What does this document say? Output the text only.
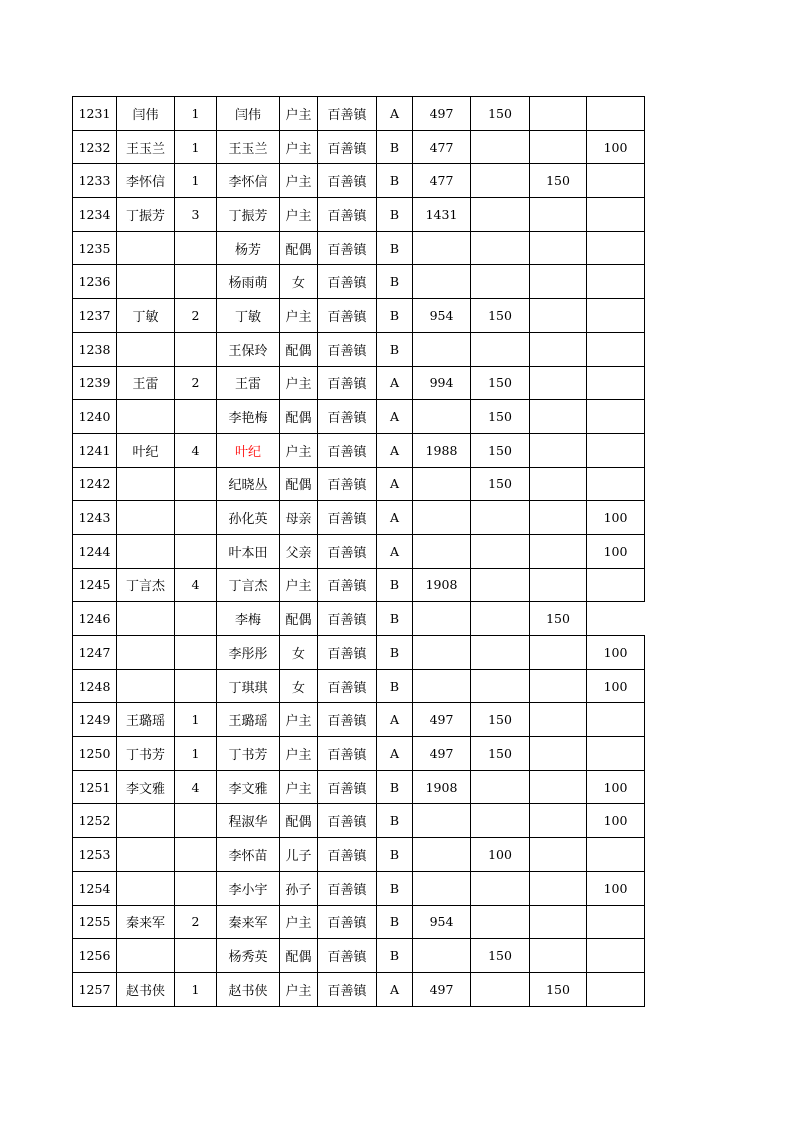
1231	闫伟	1	闫伟	户主	百善镇	A	497	150		
1232	王玉兰	1	王玉兰	户主	百善镇	B	477			100
1233	李怀信	1	李怀信	户主	百善镇	B	477		150	
1234	丁振芳	3	丁振芳	户主	百善镇	B	1431			
1235			杨芳	配偶	百善镇	B				
1236			杨雨萌	女	百善镇	B				
1237	丁敏	2	丁敏	户主	百善镇	B	954	150		
1238			王保玲	配偶	百善镇	B				
1239	王雷	2	王雷	户主	百善镇	A	994	150		
1240			李艳梅	配偶	百善镇	A		150		
1241	叶纪	4	叶纪	户主	百善镇	A	1988	150		
1242			纪晓丛	配偶	百善镇	A		150		
1243			孙化英	母亲	百善镇	A				100
1244			叶本田	父亲	百善镇	A				100
1245	丁言杰	4	丁言杰	户主	百善镇	B	1908			
1246			李梅	配偶	百善镇	B			150	
1247			李彤彤	女	百善镇	B				100
1248			丁琪琪	女	百善镇	B				100
1249	王璐瑶	1	王璐瑶	户主	百善镇	A	497	150		
1250	丁书芳	1	丁书芳	户主	百善镇	A	497	150		
1251	李文雅	4	李文雅	户主	百善镇	B	1908			100
1252			程淑华	配偶	百善镇	B				100
1253			李怀苗	儿子	百善镇	B		100		
1254			李小宇	孙子	百善镇	B				100
1255	秦来军	2	秦来军	户主	百善镇	B	954			
1256			杨秀英	配偶	百善镇	B		150		
1257	赵书侠	1	赵书侠	户主	百善镇	A	497		150	
